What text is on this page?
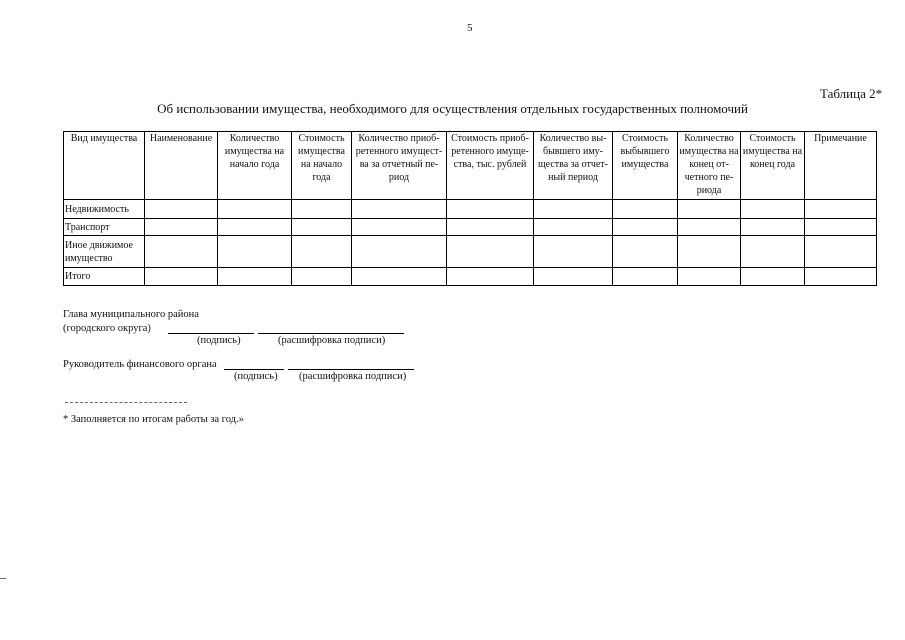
5
Таблица 2*
Об использовании имущества, необходимого для осуществления отдельных государственных полномочий
Вид имущества	Наименование	Количество имущества на начало года	Стоимость имущества на начало года	Количество приоб-ретенного имущест-ва за отчетный пе-риод	Стоимость приоб-ретенного имуще-ства, тыс. рублей	Количество вы-бывшего иму-щества за отчет-ный период	Стоимость выбывшего имущества	Количество имущества на конец от-четного пе-риода	Стоимость имущества на конец года	Примечание
Недвижимость										
Транспорт										
Иное движимое имущество										
Итого										
Глава муниципального района
(городского округа)
(подпись)	(расшифровка подписи)
Руководитель финансового органа
(подпись) (расшифровка подписи)
* Заполняется по итогам работы за год.»
